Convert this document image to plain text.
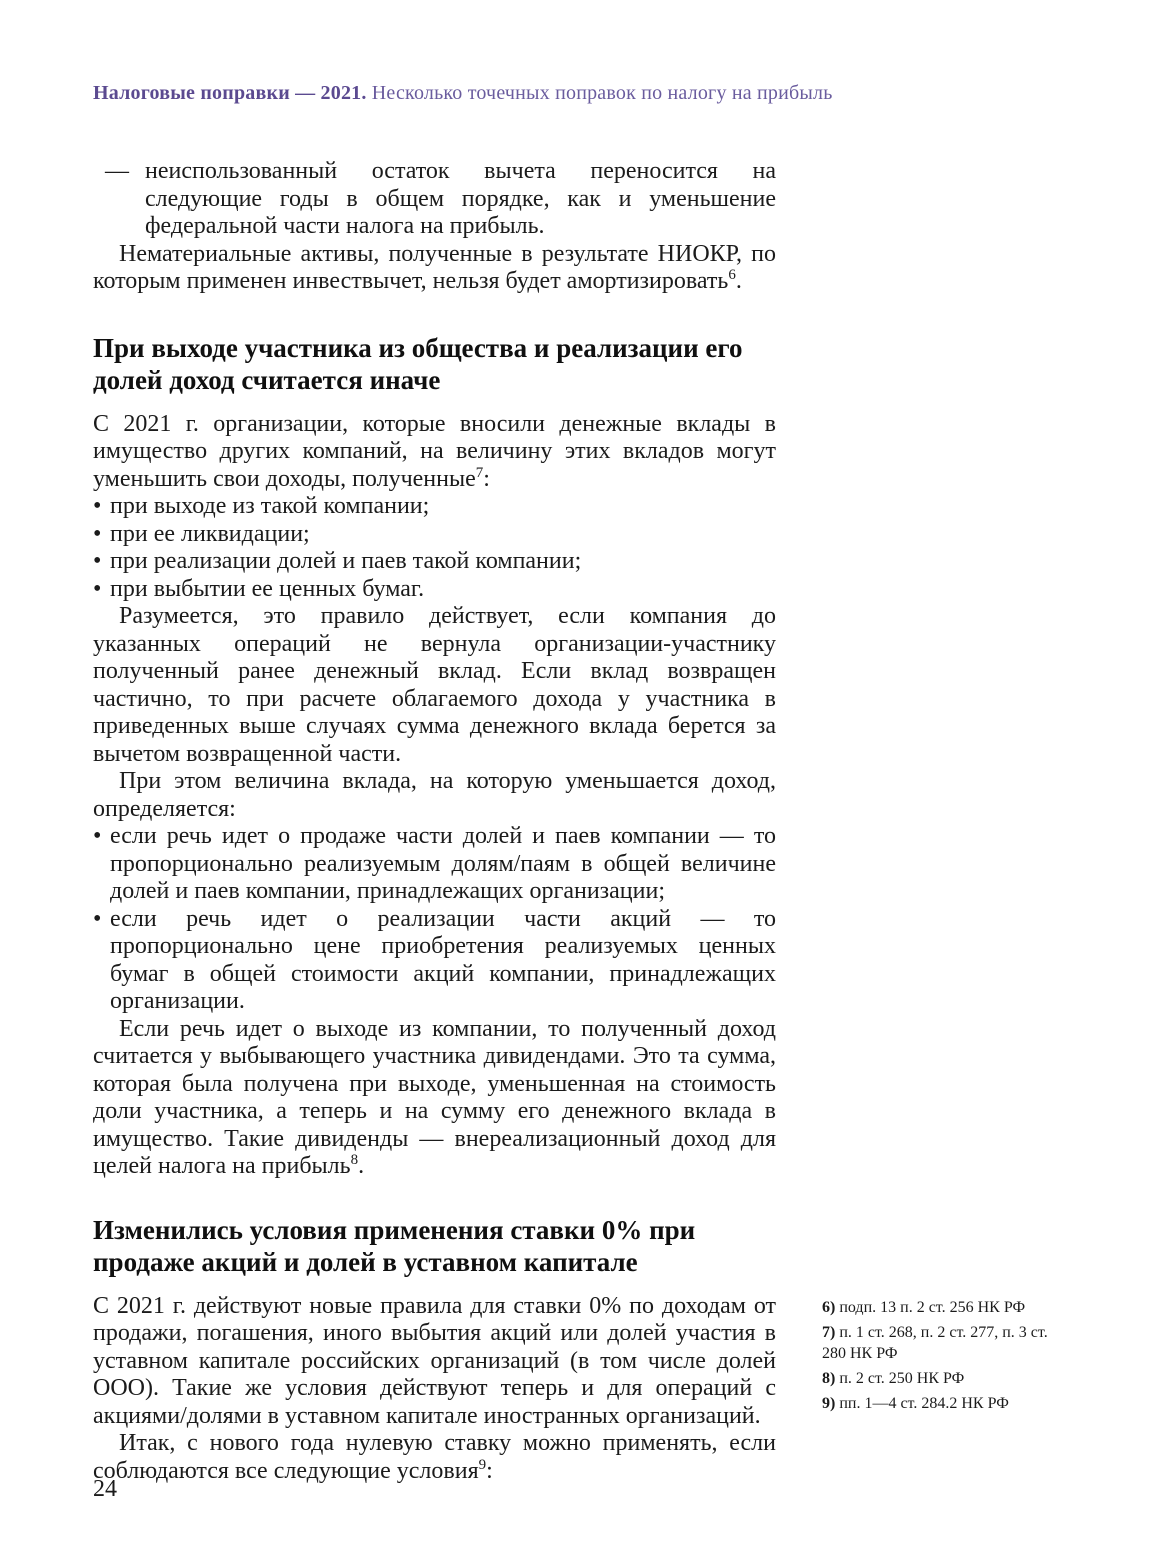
Налоговые поправки — 2021. Несколько точечных поправок по налогу на прибыль

— неиспользованный остаток вычета переносится на следующие годы в общем порядке, как и уменьшение федеральной части налога на прибыль.

Нематериальные активы, полученные в результате НИОКР, по которым применен инвествычет, нельзя будет амортизировать$^6$.

При выходе участника из общества и реализации его долей доход считается иначе

С 2021 г. организации, которые вносили денежные вклады в имущество других компаний, на величину этих вкладов могут уменьшить свои доходы, полученные$^7$:

• при выходе из такой компании;
• при ее ликвидации;
• при реализации долей и паев такой компании;
• при выбытии ее ценных бумаг.

Разумеется, это правило действует, если компания до указанных операций не вернула организации-участнику полученный ранее денежный вклад. Если вклад возвращен частично, то при расчете облагаемого дохода у участника в приведенных выше случаях сумма денежного вклада берется за вычетом возвращенной части.

При этом величина вклада, на которую уменьшается доход, определяется:

• если речь идет о продаже части долей и паев компании — то пропорционально реализуемым долям/паям в общей величине долей и паев компании, принадлежащих организации;
• если речь идет о реализации части акций — то пропорционально цене приобретения реализуемых ценных бумаг в общей стоимости акций компании, принадлежащих организации.

Если речь идет о выходе из компании, то полученный доход считается у выбывающего участника дивидендами. Это та сумма, которая была получена при выходе, уменьшенная на стоимость доли участника, а теперь и на сумму его денежного вклада в имущество. Такие дивиденды — внереализационный доход для целей налога на прибыль$^8$.

Изменились условия применения ставки 0% при продаже акций и долей в уставном капитале

С 2021 г. действуют новые правила для ставки 0% по доходам от продажи, погашения, иного выбытия акций или долей участия в уставном капитале российских организаций (в том числе долей ООО). Такие же условия действуют теперь и для операций с акциями/долями в уставном капитале иностранных организаций.

Итак, с нового года нулевую ставку можно применять, если соблюдаются все следующие условия$^9$:

6) подп. 13 п. 2 ст. 256 НК РФ

7) п. 1 ст. 268, п. 2 ст. 277, п. 3 ст. 280 НК РФ

8) п. 2 ст. 250 НК РФ

9) пп. 1—4 ст. 284.2 НК РФ

24
